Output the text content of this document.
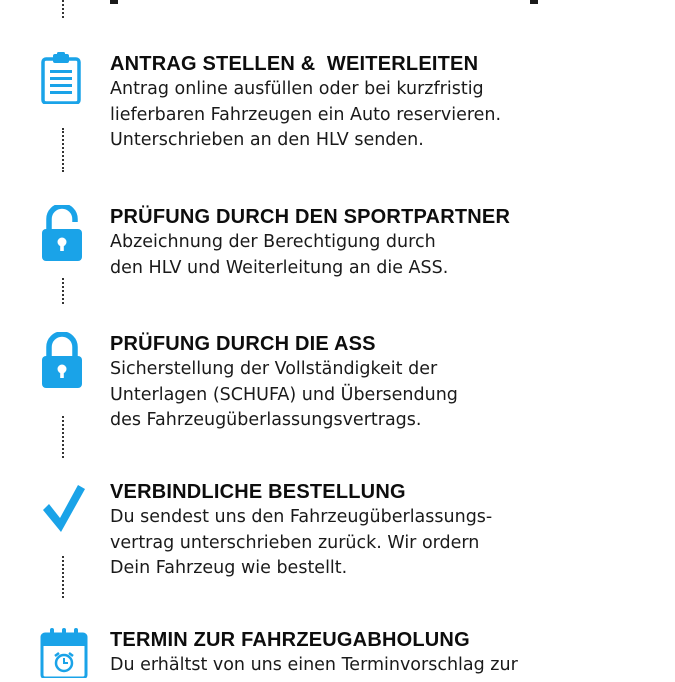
ANTRAG STELLEN &  WEITERLEITEN
Antrag online ausfüllen oder bei kurzfristig
lieferbaren Fahrzeugen ein Auto reservieren.
Unterschrieben an den HLV senden.
PRÜFUNG DURCH DEN SPORTPARTNER
Abzeichnung der Berechtigung durch
den HLV und Weiterleitung an die ASS.
PRÜFUNG DURCH DIE ASS
Sicherstellung der Vollständigkeit der
Unterlagen (SCHUFA) und Übersendung
des Fahrzeugüberlassungsvertrags.
VERBINDLICHE BESTELLUNG
Du sendest uns den Fahrzeugüberlassungs-
vertrag unterschrieben zurück. Wir ordern
Dein Fahrzeug wie bestellt.
TERMIN ZUR FAHRZEUGABHOLUNG
Du erhältst von uns einen Terminvorschlag zur
